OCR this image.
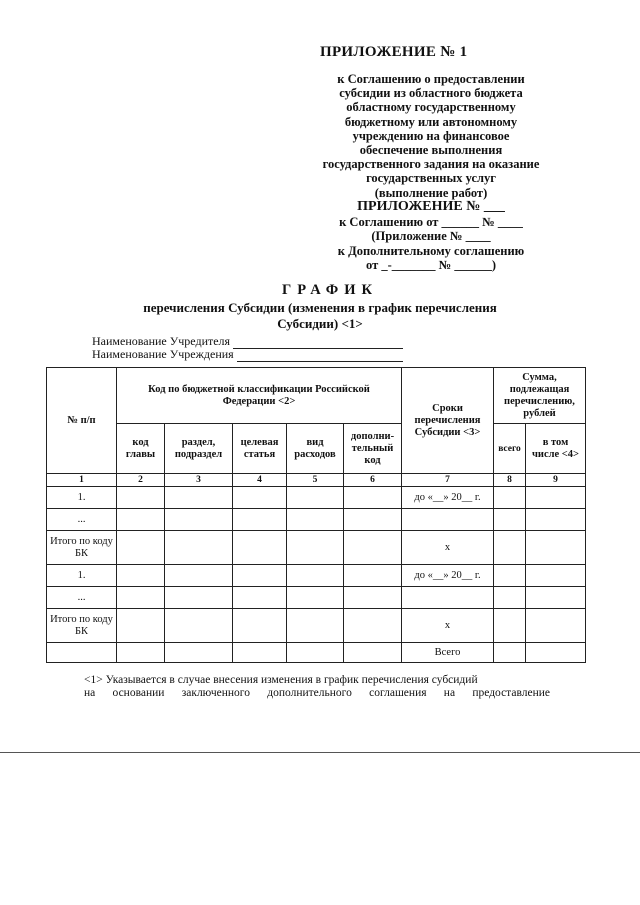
ПРИЛОЖЕНИЕ № 1
к Соглашению о предоставлении
субсидии из областного бюджета
областному государственному
бюджетному или автономному
учреждению на финансовое
обеспечение выполнения
государственного задания на оказание
государственных услуг
(выполнение работ)
ПРИЛОЖЕНИЕ № ___
к Соглашению от ______ № ____
(Приложение № ____
к Дополнительному соглашению
от _-_______ № ______)
ГРАФИК
перечисления Субсидии (изменения в график перечисления
Субсидии) <1>
Наименование Учредителя
Наименование Учреждения
№ п/п	Код по бюджетной классификации Российской Федерации <2>					Сроки перечисления Субсидии <3>	Сумма, подлежащая перечислению, рублей	
	код главы	раздел, подраздел	целевая статья	вид расходов	дополни-тельный код		всего	в том числе <4>
1	2	3	4	5	6	7	8	9
1.						до «__» 20__ г.		
...								
Итого по коду БК						х		
1.						до «__» 20__ г.		
...								
Итого по коду БК						х		
						Всего		
<1> Указывается в случае внесения изменения в график перечисления субсидий
на основании заключенного дополнительного соглашения на предоставление
